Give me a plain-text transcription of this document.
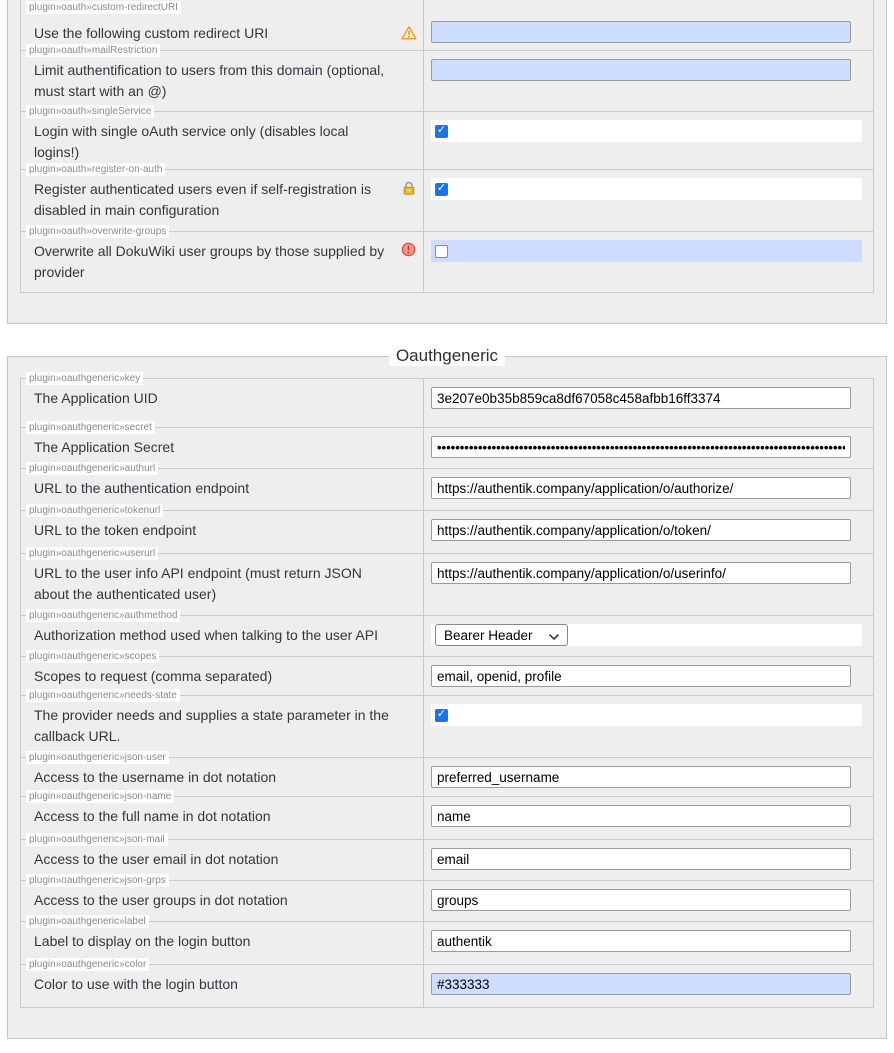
plugin»oauth»custom-redirectURI
Use the following custom redirect URI
plugin»oauth»mailRestriction
Limit authentification to users from this domain (optional, must start with an @)
plugin»oauth»singleService
Login with single oAuth service only (disables local logins!)
✓
plugin»oauth»register-on-auth
Register authenticated users even if self-registration is disabled in main configuration
✓
plugin»oauth»overwrite-groups
Overwrite all DokuWiki user groups by those supplied by provider
Oauthgeneric
plugin»oauthgeneric»key
The Application UID
3e207e0b35b859ca8df67058c458afbb16ff3374
plugin»oauthgeneric»secret
The Application Secret
••••••••••••••••••••••••••••••••••••••••••••••••••••••••••••••••••••••••••••••••••••••••••
plugin»oauthgeneric»authurl
URL to the authentication endpoint
https://authentik.company/application/o/authorize/
plugin»oauthgeneric»tokenurl
URL to the token endpoint
https://authentik.company/application/o/token/
plugin»oauthgeneric»userurl
URL to the user info API endpoint (must return JSON about the authenticated user)
https://authentik.company/application/o/userinfo/
plugin»oauthgeneric»authmethod
Authorization method used when talking to the user API	Bearer Header
plugin»oauthgeneric»scopes
Scopes to request (comma separated)
email, openid, profile
plugin»oauthgeneric»needs-state
The provider needs and supplies a state parameter in the callback URL.
✓
plugin»oauthgeneric»json-user
Access to the username in dot notation
preferred_username
plugin»oauthgeneric»json-name
Access to the full name in dot notation
name
plugin»oauthgeneric»json-mail
Access to the user email in dot notation
email
plugin»oauthgeneric»json-grps
Access to the user groups in dot notation
groups
plugin»oauthgeneric»label
Label to display on the login button
authentik
plugin»oauthgeneric»color
Color to use with the login button
#333333
